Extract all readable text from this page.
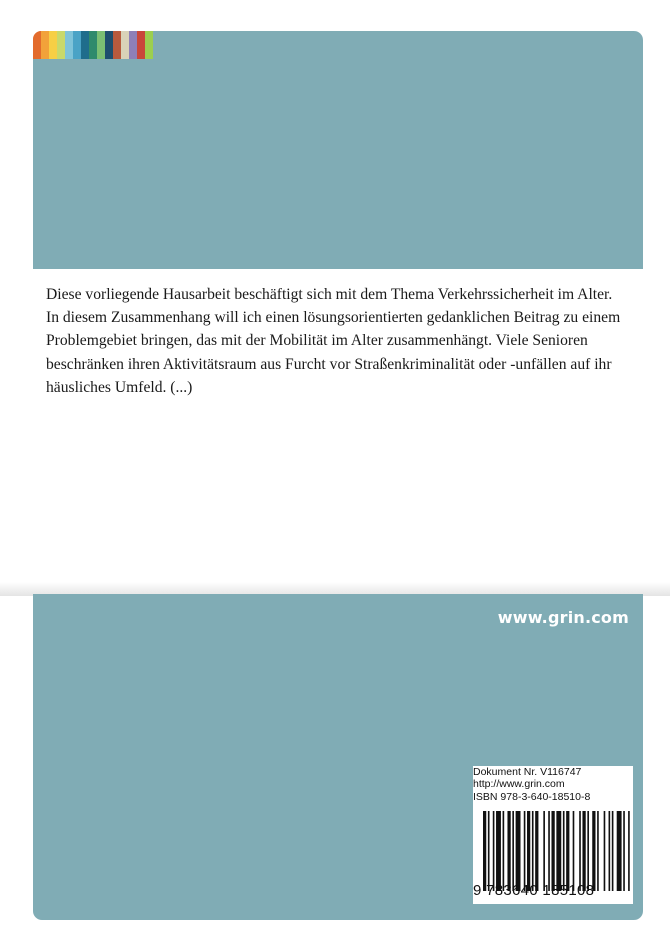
Diese vorliegende Hausarbeit beschäftigt sich mit dem Thema Verkehrssicherheit im Alter. In diesem Zusammenhang will ich einen lösungsorientierten gedanklichen Beitrag zu einem Problemgebiet bringen, das mit der Mobilität im Alter zusammenhängt. Viele Senioren beschränken ihren Aktivitätsraum aus Furcht vor Straßenkriminalität oder -unfällen auf ihr häusliches Umfeld. (...)

www.grin.com
Dokument Nr. V116747
http://www.grin.com
ISBN 978-3-640-18510-8
9 783640 185108
